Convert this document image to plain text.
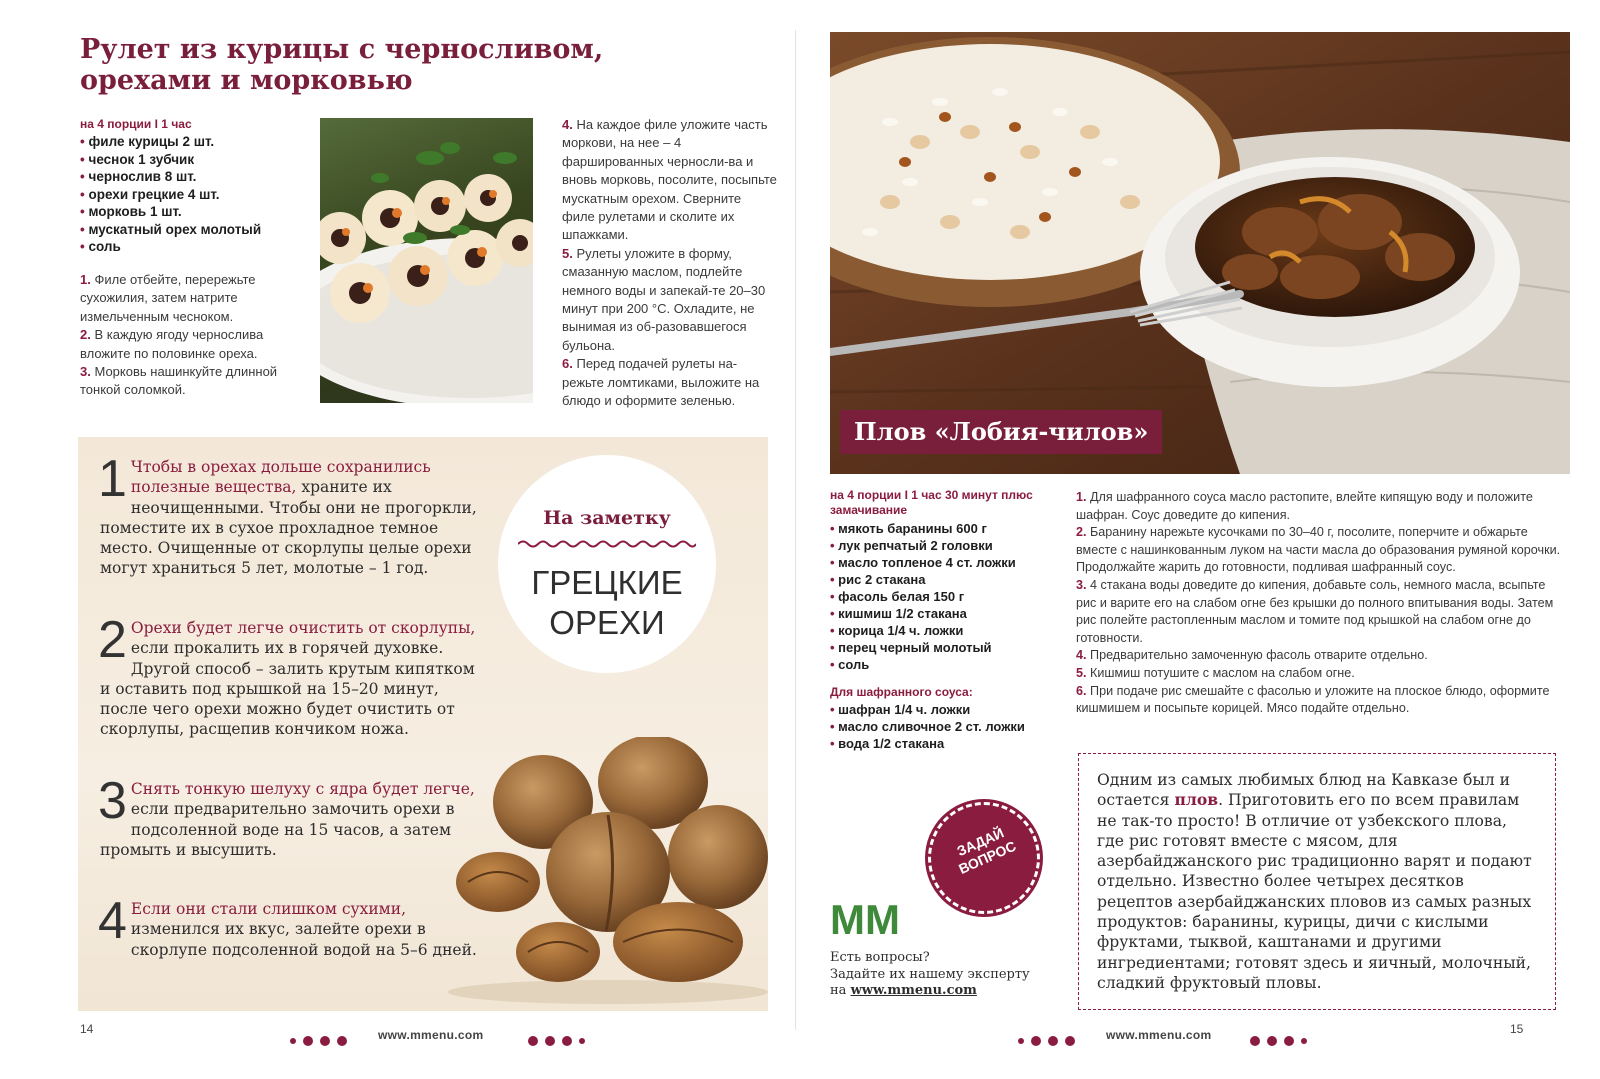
Рулет из курицы с черносливом, орехами и морковью
на 4 порции I 1 час
• филе курицы 2 шт.
• чеснок 1 зубчик
• чернослив 8 шт.
• орехи грецкие 4 шт.
• морковь 1 шт.
• мускатный орех молотый
• соль

1. Филе отбейте, перережьте сухожилия, затем натрите измельченным чесноком.

2. В каждую ягоду чернослива вложите по половинке ореха.

3. Морковь нашинкуйте длинной тонкой соломкой.

4. На каждое филе уложите часть моркови, на нее – 4 фаршированных черносли-ва и вновь морковь, посолите, посыпьте мускатным орехом. Сверните филе рулетами и сколите их шпажками.

5. Рулеты уложите в форму, смазанную маслом, подлейте немного воды и запекай-те 20–30 минут при 200 °С. Охладите, не вынимая из об-разовавшегося бульона.

6. Перед подачей рулеты на-режьте ломтиками, выложите на блюдо и оформите зеленью.

1 Чтобы в орехах дольше сохранились полезные вещества, храните их неочищенными. Чтобы они не прогоркли, поместите их в сухое прохладное темное место. Очищенные от скорлупы целые орехи могут храниться 5 лет, молотые – 1 год.
2 Орехи будет легче очистить от скорлупы, если прокалить их в горячей духовке. Другой способ – залить крутым кипятком и оставить под крышкой на 15–20 минут, после чего орехи можно будет очистить от скорлупы, расщепив кончиком ножа.
3 Снять тонкую шелуху с ядра будет легче, если предварительно замочить орехи в подсоленной воде на 15 часов, а затем промыть и высушить.
4 Если они стали слишком сухими, изменился их вкус, залейте орехи в скорлупе подсоленной водой на 5–6 дней.
На заметку
ГРЕЦКИЕ
ОРЕХИ
14	www.mmenu.com
Плов «Лобия-чилов»
на 4 порции I 1 час 30 минут плюс замачивание
• мякоть баранины 600 г
• лук репчатый 2 головки
• масло топленое 4 ст. ложки
• рис 2 стакана
• фасоль белая 150 г
• кишмиш 1/2 стакана
• корица 1/4 ч. ложки
• перец черный молотый
• соль
Для шафранного соуса:
• шафран 1/4 ч. ложки
• масло сливочное 2 ст. ложки
• вода 1/2 стакана

1. Для шафранного соуса масло растопите, влейте кипящую воду и положите шафран. Соус доведите до кипения.

2. Баранину нарежьте кусочками по 30–40 г, посолите, поперчите и обжарьте вместе с нашинкованным луком на части масла до образования румяной корочки. Продолжайте жарить до готовности, подливая шафранный соус.

3. 4 стакана воды доведите до кипения, добавьте соль, немного масла, всыпьте рис и варите его на слабом огне без крышки до полного впитывания воды. Затем рис полейте растопленным маслом и томите под крышкой на слабом огне до готовности.

4. Предварительно замоченную фасоль отварите отдельно.

5. Кишмиш потушите с маслом на слабом огне.

6. При подаче рис смешайте с фасолью и уложите на плоское блюдо, оформите кишмишем и посыпьте корицей. Мясо подайте отдельно.

ЗАДАЙ
ВОПРОС
ММ
Есть вопросы?
Задайте их нашему эксперту
на www.mmenu.com
Одним из самых любимых блюд на Кавказе был и остается плов. Приготовить его по всем правилам не так-то просто! В отличие от узбекского плова, где рис готовят вместе с мясом, для азербайджанского рис традиционно варят и подают отдельно. Известно более четырех десятков рецептов азербайджанских пловов из самых разных продуктов: баранины, курицы, дичи с кислыми фруктами, тыквой, каштанами и другими ингредиентами; готовят здесь и яичный, молочный, сладкий фруктовый пловы.
www.mmenu.com	15
